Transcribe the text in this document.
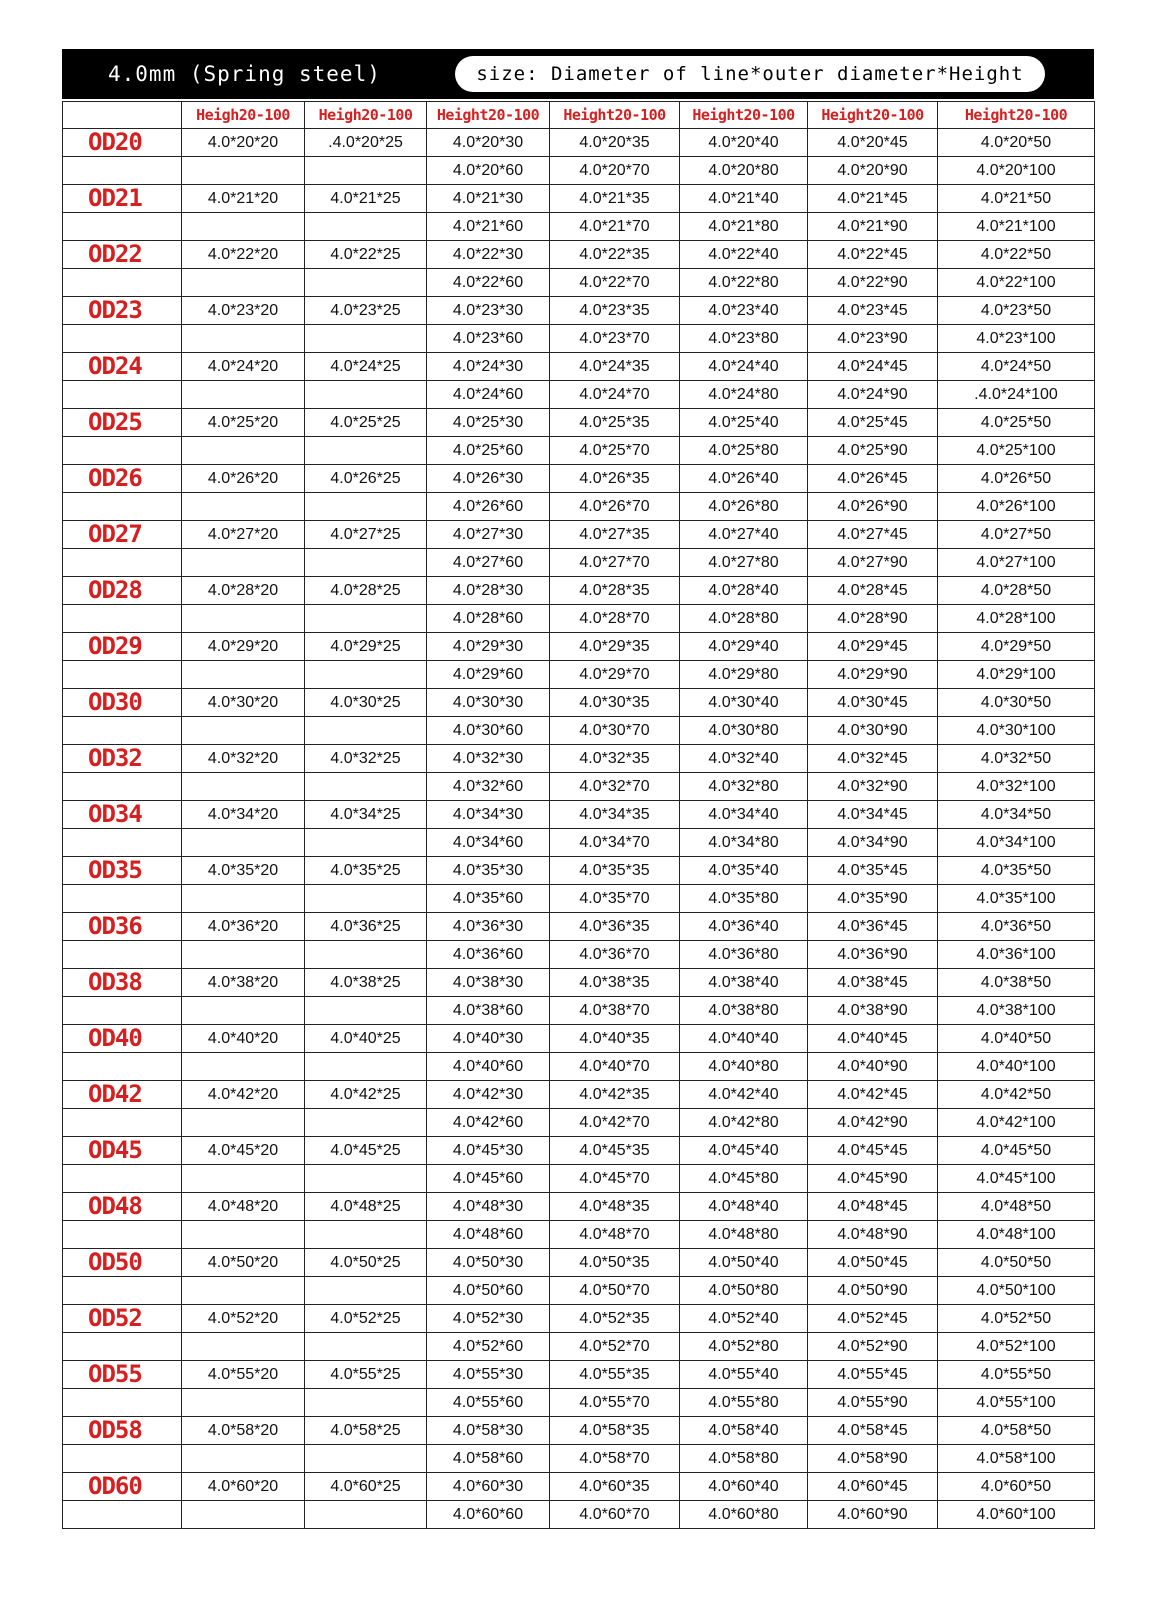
4.0mm (Spring steel)	size: Diameter of line*outer diameter*Height
	Heigh20-100	Heigh20-100	Height20-100	Height20-100	Height20-100	Height20-100	Height20-100
OD20	4.0*20*20	.4.0*20*25	4.0*20*30	4.0*20*35	4.0*20*40	4.0*20*45	4.0*20*50
			4.0*20*60	4.0*20*70	4.0*20*80	4.0*20*90	4.0*20*100
OD21	4.0*21*20	4.0*21*25	4.0*21*30	4.0*21*35	4.0*21*40	4.0*21*45	4.0*21*50
			4.0*21*60	4.0*21*70	4.0*21*80	4.0*21*90	4.0*21*100
OD22	4.0*22*20	4.0*22*25	4.0*22*30	4.0*22*35	4.0*22*40	4.0*22*45	4.0*22*50
			4.0*22*60	4.0*22*70	4.0*22*80	4.0*22*90	4.0*22*100
OD23	4.0*23*20	4.0*23*25	4.0*23*30	4.0*23*35	4.0*23*40	4.0*23*45	4.0*23*50
			4.0*23*60	4.0*23*70	4.0*23*80	4.0*23*90	4.0*23*100
OD24	4.0*24*20	4.0*24*25	4.0*24*30	4.0*24*35	4.0*24*40	4.0*24*45	4.0*24*50
			4.0*24*60	4.0*24*70	4.0*24*80	4.0*24*90	.4.0*24*100
OD25	4.0*25*20	4.0*25*25	4.0*25*30	4.0*25*35	4.0*25*40	4.0*25*45	4.0*25*50
			4.0*25*60	4.0*25*70	4.0*25*80	4.0*25*90	4.0*25*100
OD26	4.0*26*20	4.0*26*25	4.0*26*30	4.0*26*35	4.0*26*40	4.0*26*45	4.0*26*50
			4.0*26*60	4.0*26*70	4.0*26*80	4.0*26*90	4.0*26*100
OD27	4.0*27*20	4.0*27*25	4.0*27*30	4.0*27*35	4.0*27*40	4.0*27*45	4.0*27*50
			4.0*27*60	4.0*27*70	4.0*27*80	4.0*27*90	4.0*27*100
OD28	4.0*28*20	4.0*28*25	4.0*28*30	4.0*28*35	4.0*28*40	4.0*28*45	4.0*28*50
			4.0*28*60	4.0*28*70	4.0*28*80	4.0*28*90	4.0*28*100
OD29	4.0*29*20	4.0*29*25	4.0*29*30	4.0*29*35	4.0*29*40	4.0*29*45	4.0*29*50
			4.0*29*60	4.0*29*70	4.0*29*80	4.0*29*90	4.0*29*100
OD30	4.0*30*20	4.0*30*25	4.0*30*30	4.0*30*35	4.0*30*40	4.0*30*45	4.0*30*50
			4.0*30*60	4.0*30*70	4.0*30*80	4.0*30*90	4.0*30*100
OD32	4.0*32*20	4.0*32*25	4.0*32*30	4.0*32*35	4.0*32*40	4.0*32*45	4.0*32*50
			4.0*32*60	4.0*32*70	4.0*32*80	4.0*32*90	4.0*32*100
OD34	4.0*34*20	4.0*34*25	4.0*34*30	4.0*34*35	4.0*34*40	4.0*34*45	4.0*34*50
			4.0*34*60	4.0*34*70	4.0*34*80	4.0*34*90	4.0*34*100
OD35	4.0*35*20	4.0*35*25	4.0*35*30	4.0*35*35	4.0*35*40	4.0*35*45	4.0*35*50
			4.0*35*60	4.0*35*70	4.0*35*80	4.0*35*90	4.0*35*100
OD36	4.0*36*20	4.0*36*25	4.0*36*30	4.0*36*35	4.0*36*40	4.0*36*45	4.0*36*50
			4.0*36*60	4.0*36*70	4.0*36*80	4.0*36*90	4.0*36*100
OD38	4.0*38*20	4.0*38*25	4.0*38*30	4.0*38*35	4.0*38*40	4.0*38*45	4.0*38*50
			4.0*38*60	4.0*38*70	4.0*38*80	4.0*38*90	4.0*38*100
OD40	4.0*40*20	4.0*40*25	4.0*40*30	4.0*40*35	4.0*40*40	4.0*40*45	4.0*40*50
			4.0*40*60	4.0*40*70	4.0*40*80	4.0*40*90	4.0*40*100
OD42	4.0*42*20	4.0*42*25	4.0*42*30	4.0*42*35	4.0*42*40	4.0*42*45	4.0*42*50
			4.0*42*60	4.0*42*70	4.0*42*80	4.0*42*90	4.0*42*100
OD45	4.0*45*20	4.0*45*25	4.0*45*30	4.0*45*35	4.0*45*40	4.0*45*45	4.0*45*50
			4.0*45*60	4.0*45*70	4.0*45*80	4.0*45*90	4.0*45*100
OD48	4.0*48*20	4.0*48*25	4.0*48*30	4.0*48*35	4.0*48*40	4.0*48*45	4.0*48*50
			4.0*48*60	4.0*48*70	4.0*48*80	4.0*48*90	4.0*48*100
OD50	4.0*50*20	4.0*50*25	4.0*50*30	4.0*50*35	4.0*50*40	4.0*50*45	4.0*50*50
			4.0*50*60	4.0*50*70	4.0*50*80	4.0*50*90	4.0*50*100
OD52	4.0*52*20	4.0*52*25	4.0*52*30	4.0*52*35	4.0*52*40	4.0*52*45	4.0*52*50
			4.0*52*60	4.0*52*70	4.0*52*80	4.0*52*90	4.0*52*100
OD55	4.0*55*20	4.0*55*25	4.0*55*30	4.0*55*35	4.0*55*40	4.0*55*45	4.0*55*50
			4.0*55*60	4.0*55*70	4.0*55*80	4.0*55*90	4.0*55*100
OD58	4.0*58*20	4.0*58*25	4.0*58*30	4.0*58*35	4.0*58*40	4.0*58*45	4.0*58*50
			4.0*58*60	4.0*58*70	4.0*58*80	4.0*58*90	4.0*58*100
OD60	4.0*60*20	4.0*60*25	4.0*60*30	4.0*60*35	4.0*60*40	4.0*60*45	4.0*60*50
			4.0*60*60	4.0*60*70	4.0*60*80	4.0*60*90	4.0*60*100
